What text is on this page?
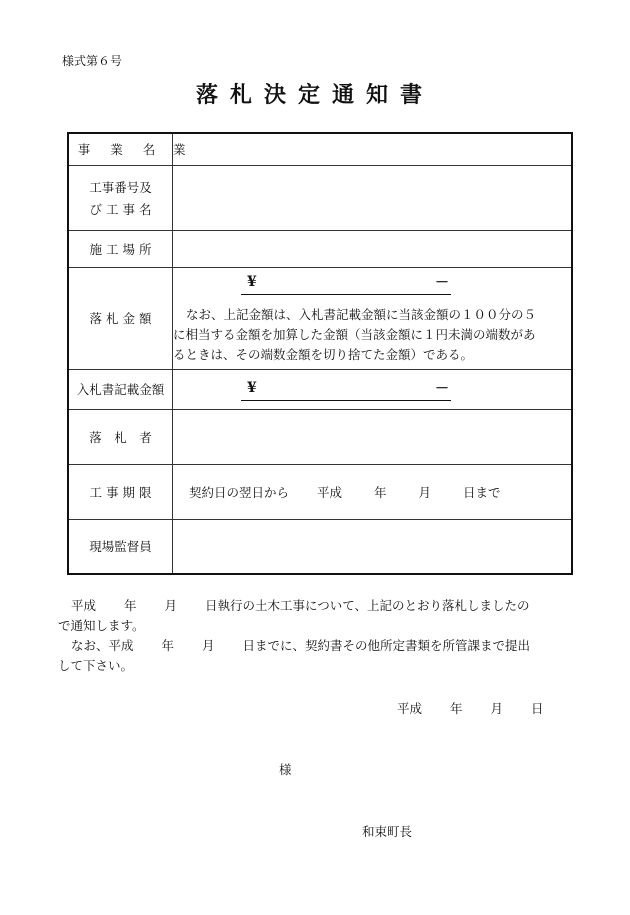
様式第６号
落札決定通知書
事 業 名	業

工事番号及
び 工 事 名	

施 工 場 所	
落 札 金 額	¥ －
なお、上記金額は、入札書記載金額に当該金額の１００分の５
に相当する金額を加算した金額（当該金額に１円未満の端数があ
るときは、その端数金額を切り捨てた金額）である。

入札書記載金額	¥ －

落　札　者	
工 事 期 限	契約日の翌日から 平成 年 月 日まで
現場監督員	
平成 年 月 日執行の土木工事について、上記のとおり落札しましたの
で通知します。
なお、平成 年 月 日までに、契約書その他所定書類を所管課まで提出
して下さい。
平成 年 月 日
様
和束町長
